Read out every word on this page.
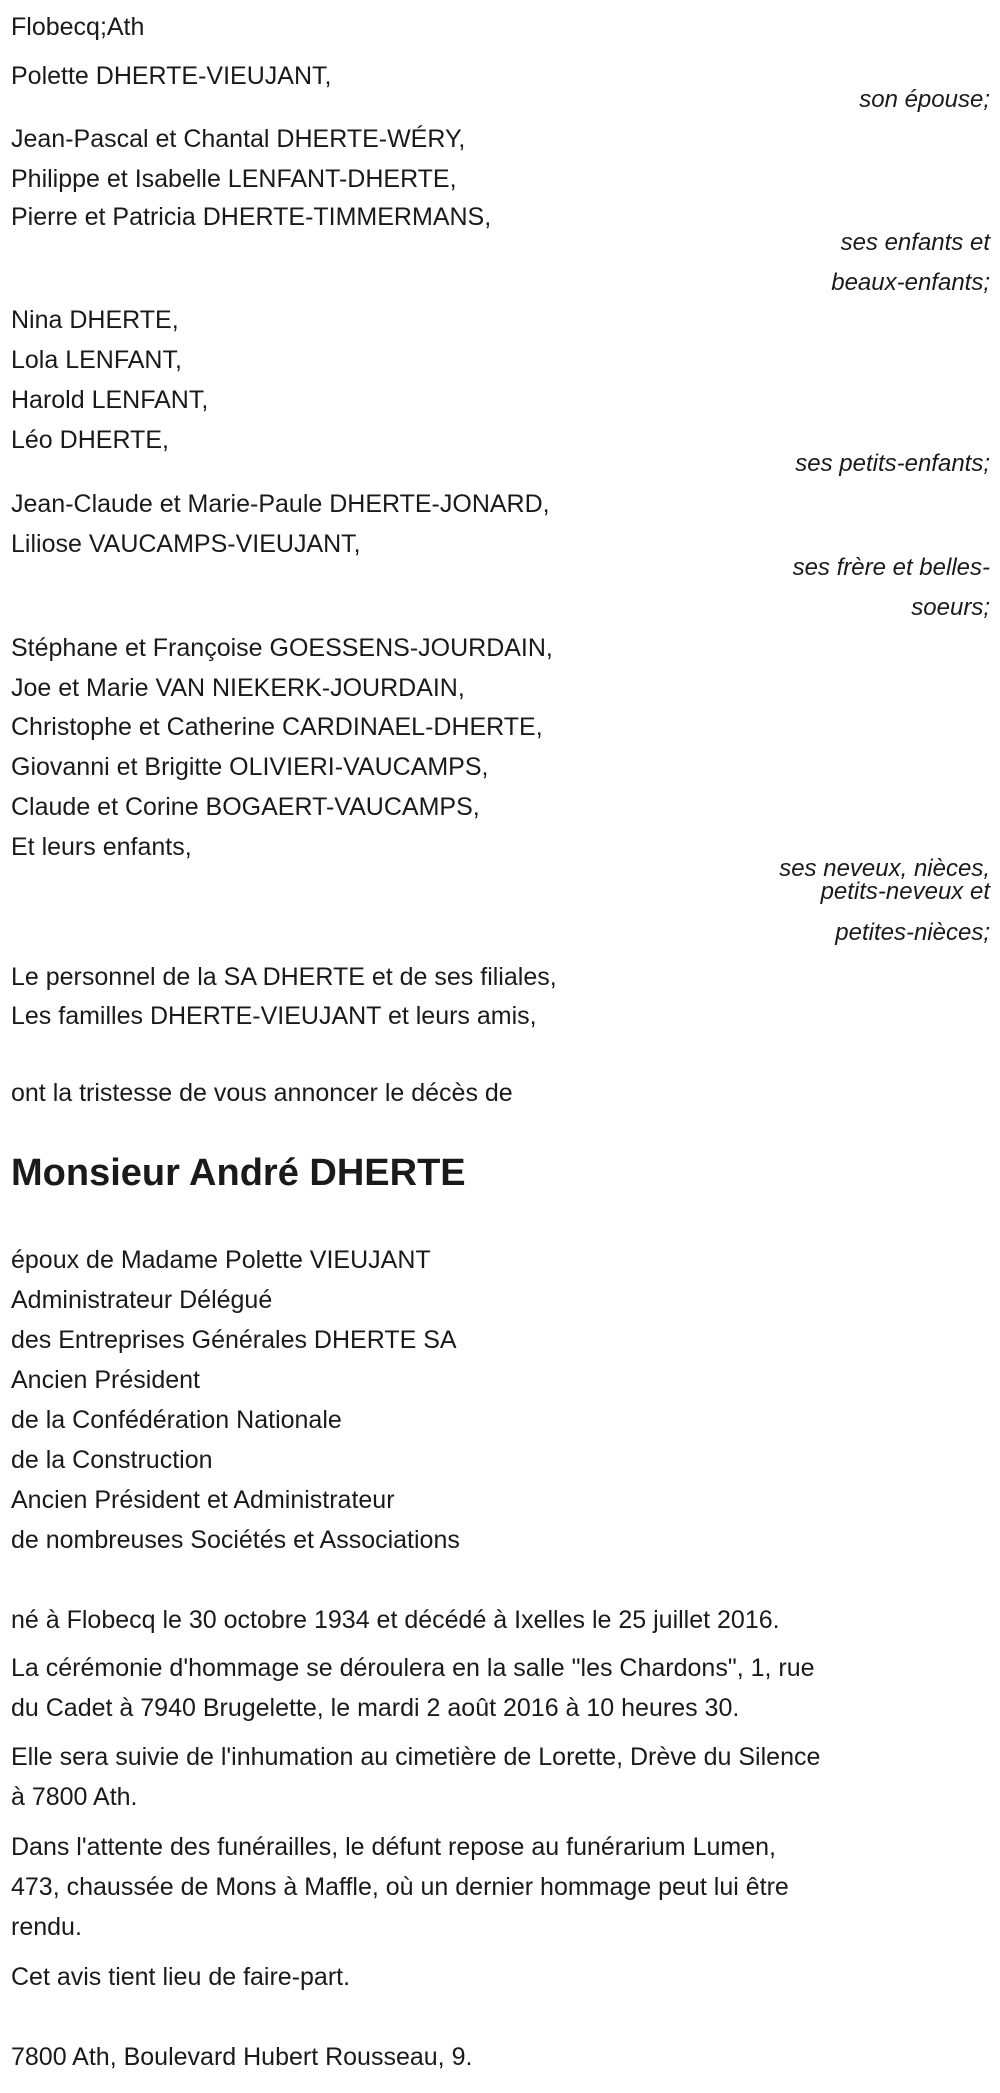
Flobecq;Ath
Polette DHERTE-VIEUJANT,
son épouse;
Jean-Pascal et Chantal DHERTE-WÉRY,
Philippe et Isabelle LENFANT-DHERTE,
Pierre et Patricia DHERTE-TIMMERMANS,
ses enfants et
beaux-enfants;
Nina DHERTE,
Lola LENFANT,
Harold LENFANT,
Léo DHERTE,
ses petits-enfants;
Jean-Claude et Marie-Paule DHERTE-JONARD,
Liliose VAUCAMPS-VIEUJANT,
ses frère et belles-
soeurs;
Stéphane et Françoise GOESSENS-JOURDAIN,
Joe et Marie VAN NIEKERK-JOURDAIN,
Christophe et Catherine CARDINAEL-DHERTE,
Giovanni et Brigitte OLIVIERI-VAUCAMPS,
Claude et Corine BOGAERT-VAUCAMPS,
Et leurs enfants,
ses neveux, nièces,
petits-neveux et
petites-nièces;
Le personnel de la SA DHERTE et de ses filiales,
Les familles DHERTE-VIEUJANT et leurs amis,
ont la tristesse de vous annoncer le décès de
Monsieur André DHERTE
époux de Madame Polette VIEUJANT
Administrateur Délégué
des Entreprises Générales DHERTE SA
Ancien Président
de la Confédération Nationale
de la Construction
Ancien Président et Administrateur
de nombreuses Sociétés et Associations
né à Flobecq le 30 octobre 1934 et décédé à Ixelles le 25 juillet 2016.
La cérémonie d'hommage se déroulera en la salle "les Chardons", 1, rue
du Cadet à 7940 Brugelette, le mardi 2 août 2016 à 10 heures 30.
Elle sera suivie de l'inhumation au cimetière de Lorette, Drève du Silence
à 7800 Ath.
Dans l'attente des funérailles, le défunt repose au funérarium Lumen,
473, chaussée de Mons à Maffle, où un dernier hommage peut lui être
rendu.
Cet avis tient lieu de faire-part.
7800 Ath, Boulevard Hubert Rousseau, 9.
